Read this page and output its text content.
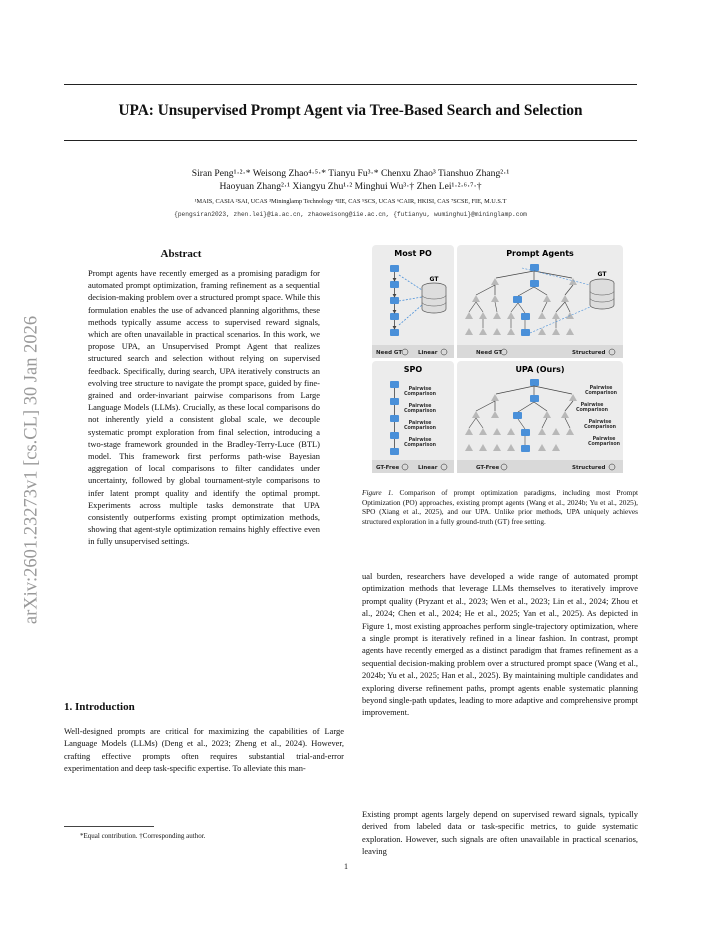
UPA: Unsupervised Prompt Agent via Tree-Based Search and Selection
Siran Peng¹·²·* Weisong Zhao⁴·⁵·* Tianyu Fu³·* Chenxu Zhao³ Tianshuo Zhang²·¹
Haoyuan Zhang²·¹ Xiangyu Zhu¹·² Minghui Wu³·† Zhen Lei¹·²·⁶·⁷·†
¹MAIS, CASIA ²SAI, UCAS ³Mininglamp Technology ⁴IIE, CAS ⁵SCS, UCAS ⁶CAIR, HKISI, CAS ⁷SCSE, FIE, M.U.S.T
{pengsiran2023, zhen.lei}@ia.ac.cn, zhaoweisong@iie.ac.cn, {futianyu, wuminghui}@mininglamp.com
arXiv:2601.23273v1 [cs.CL] 30 Jan 2026
Abstract
Prompt agents have recently emerged as a promising paradigm for automated prompt optimization, framing refinement as a sequential decision-making problem over a structured prompt space. While this formulation enables the use of advanced planning algorithms, these methods typically assume access to supervised reward signals, which are often unavailable in practical scenarios. In this work, we propose UPA, an Unsupervised Prompt Agent that realizes structured search and selection without relying on supervised feedback. Specifically, during search, UPA iteratively constructs an evolving tree structure to navigate the prompt space, guided by fine-grained and order-invariant pairwise comparisons from Large Language Models (LLMs). Crucially, as these local comparisons do not inherently yield a consistent global scale, we decouple systematic prompt exploration from final selection, introducing a two-stage framework grounded in the Bradley-Terry-Luce (BTL) model. This framework first performs path-wise Bayesian aggregation of local comparisons to filter candidates under uncertainty, followed by global tournament-style comparisons to infer latent prompt quality and identify the optimal prompt. Experiments across multiple tasks demonstrate that UPA consistently outperforms existing prompt optimization methods, showing that agent-style optimization remains highly effective even in fully unsupervised settings.
1. Introduction
Well-designed prompts are critical for maximizing the capabilities of Large Language Models (LLMs) (Deng et al., 2023; Zheng et al., 2024). However, crafting effective prompts often requires substantial trial-and-error experimentation and deep task-specific expertise. To alleviate this man-
*Equal contribution. †Corresponding author.
1
Most PO	Prompt Agents
SPO	UPA (Ours)
GT
GT
Pairwise
Comparison
Pairwise
Comparison
Pairwise
Comparison
Pairwise
Comparison
Pairwise
Comparison
Pairwise
Comparison
Pairwise
Comparison
Pairwise
Comparison
Need GT	Linear	Need GT	Structured
GT-Free	Linear	GT-Free	Structured
Figure 1. Comparison of prompt optimization paradigms, including most Prompt Optimization (PO) approaches, existing prompt agents (Wang et al., 2024b; Yu et al., 2025), SPO (Xiang et al., 2025), and our UPA. Unlike prior methods, UPA uniquely achieves structured exploration in a fully ground-truth (GT) free setting.
ual burden, researchers have developed a wide range of automated prompt optimization methods that leverage LLMs themselves to iteratively improve prompt quality (Pryzant et al., 2023; Wen et al., 2023; Lin et al., 2024; Zhou et al., 2024; Chen et al., 2024; He et al., 2025; Yan et al., 2025). As depicted in Figure 1, most existing approaches perform single-trajectory optimization, where a single prompt is iteratively refined in a linear fashion. In contrast, prompt agents have recently emerged as a distinct paradigm that frames refinement as a sequential decision-making problem over a structured prompt space (Wang et al., 2024b; Yu et al., 2025; Han et al., 2025). By maintaining multiple candidates and exploring diverse refinement paths, prompt agents enable systematic planning beyond single-path updates, leading to more adaptive and comprehensive prompt improvement.
Existing prompt agents largely depend on supervised reward signals, typically derived from labeled data or task-specific metrics, to guide systematic exploration. However, such signals are often unavailable in practical scenarios, leaving
